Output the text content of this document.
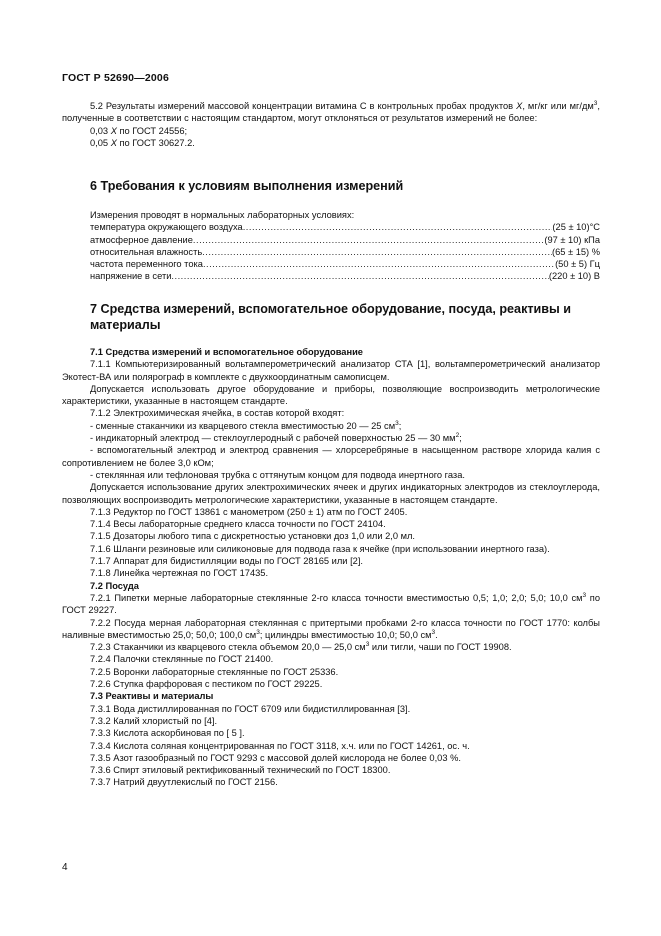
ГОСТ Р 52690—2006

5.2 Результаты измерений массовой концентрации витамина С в контрольных пробах продуктов Х, мг/кг или $мг/дм^3$, полученные в соответствии с настоящим стандартом, могут отклоняться от результатов измерений не более:

0,03 Х по ГОСТ 24556;

0,05 Х по ГОСТ 30627.2.

6 Требования к условиям выполнения измерений

Измерения проводят в нормальных лабораторных условиях:

температура окружающего воздуха .....	(25 ± 10)°С
атмосферное давление .....	(97 ± 10) кПа
относительная влажность .....	(65 ± 15) %
частота переменного тока .....	(50 ± 5) Гц
напряжение в сети .....	(220 ± 10) В

7 Средства измерений, вспомогательное оборудование, посуда, реактивы и материалы

7.1 Средства измерений и вспомогательное оборудование

7.1.1 Компьютеризированный вольтамперометрический анализатор СТА [1], вольтамперометрический анализатор Экотест-ВА или полярограф в комплекте с двухкоординатным самописцем.

Допускается использовать другое оборудование и приборы, позволяющие воспроизводить метрологические характеристики, указанные в настоящем стандарте.

7.1.2 Электрохимическая ячейка, в состав которой входят:

- сменные стаканчики из кварцевого стекла вместимостью 20 — 25 $см^3$;

- индикаторный электрод — стеклоуглеродный с рабочей поверхностью 25 — 30 $мм^2$;

- вспомогательный электрод и электрод сравнения — хлорсеребряные в насыщенном растворе хлорида калия с сопротивлением не более 3,0 кОм;

- стеклянная или тефлоновая трубка с оттянутым концом для подвода инертного газа.

Допускается использование других электрохимических ячеек и других индикаторных электродов из стеклоуглерода, позволяющих воспроизводить метрологические характеристики, указанные в настоящем стандарте.

7.1.3 Редуктор по ГОСТ 13861 с манометром (250 ± 1) атм по ГОСТ 2405.

7.1.4 Весы лабораторные среднего класса точности по ГОСТ 24104.

7.1.5 Дозаторы любого типа с дискретностью установки доз 1,0 или 2,0 мл.

7.1.6 Шланги резиновые или силиконовые для подвода газа к ячейке (при использовании инертного газа).

7.1.7 Аппарат для бидистилляции воды по ГОСТ 28165 или [2].

7.1.8 Линейка чертежная по ГОСТ 17435.

7.2 Посуда

7.2.1 Пипетки мерные лабораторные стеклянные 2-го класса точности вместимостью 0,5; 1,0; 2,0; 5,0; 10,0 $см^3$ по ГОСТ 29227.

7.2.2 Посуда мерная лабораторная стеклянная с притертыми пробками 2-го класса точности по ГОСТ 1770: колбы наливные вместимостью 25,0; 50,0; 100,0 $см^3$; цилиндры вместимостью 10,0; 50,0 $см^3$.

7.2.3 Стаканчики из кварцевого стекла объемом 20,0 — 25,0 $см^3$ или тигли, чаши по ГОСТ 19908.

7.2.4 Палочки стеклянные по ГОСТ 21400.

7.2.5 Воронки лабораторные стеклянные по ГОСТ 25336.

7.2.6 Ступка фарфоровая с пестиком по ГОСТ 29225.

7.3 Реактивы и материалы

7.3.1 Вода дистиллированная по ГОСТ 6709 или бидистиллированная [3].

7.3.2 Калий хлористый по [4].

7.3.3 Кислота аскорбиновая по [ 5 ].

7.3.4 Кислота соляная концентрированная по ГОСТ 3118, х.ч. или по ГОСТ 14261, ос. ч.

7.3.5 Азот газообразный по ГОСТ 9293 с массовой долей кислорода не более 0,03 %.

7.3.6 Спирт этиловый ректификованный технический по ГОСТ 18300.

7.3.7 Натрий двуутлекислый по ГОСТ 2156.

4
